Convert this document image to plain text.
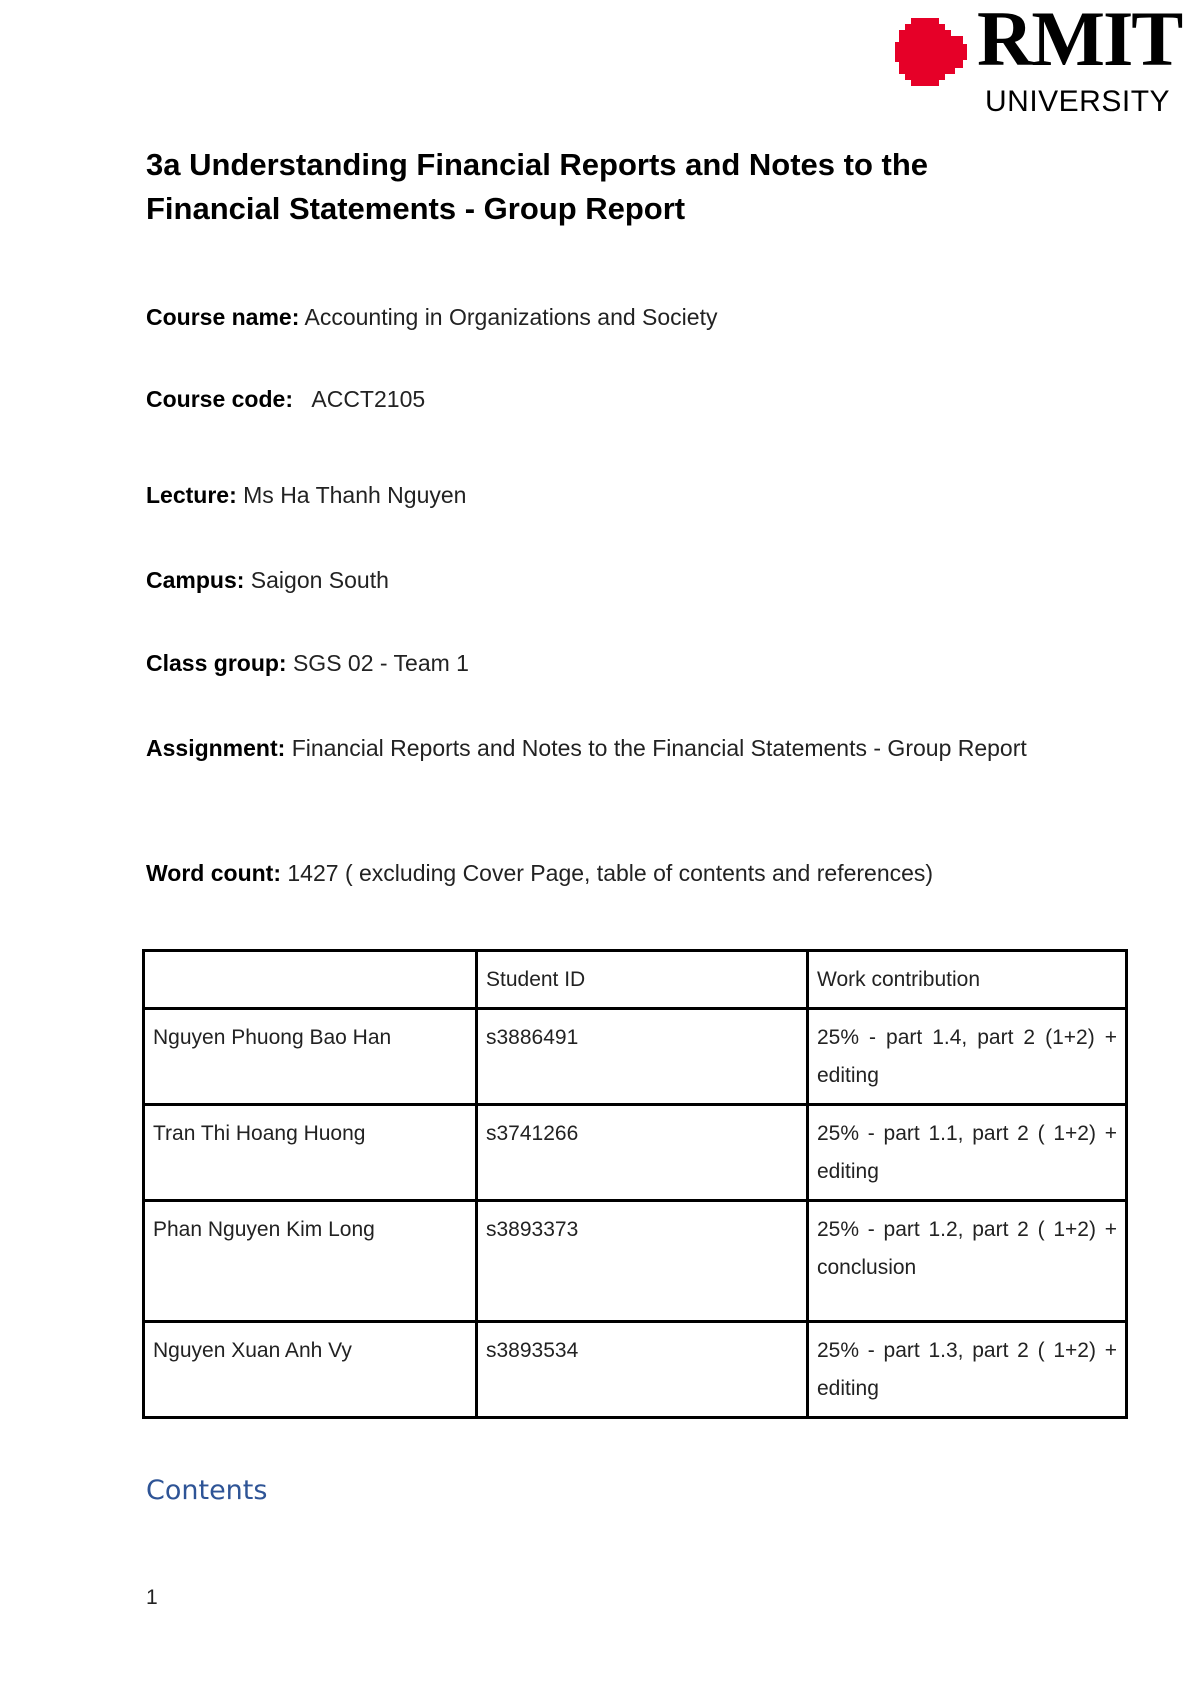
RMIT
UNIVERSITY
3a Understanding Financial Reports and Notes to the Financial Statements - Group Report
Course name: Accounting in Organizations and Society
Course code: ACCT2105
Lecture: Ms Ha Thanh Nguyen
Campus: Saigon South
Class group: SGS 02 - Team 1
Assignment: Financial Reports and Notes to the Financial Statements - Group Report
Word count: 1427 ( excluding Cover Page, table of contents and references)
	Student ID	Work contribution
Nguyen Phuong Bao Han	s3886491	25% - part 1.4, part 2 (1+2) + editing
Tran Thi Hoang Huong	s3741266	25% - part 1.1, part 2 ( 1+2) + editing
Phan Nguyen Kim Long	s3893373	25% - part 1.2, part 2 ( 1+2) + conclusion
Nguyen Xuan Anh Vy	s3893534	25% - part 1.3, part 2 ( 1+2) + editing
Contents
1
